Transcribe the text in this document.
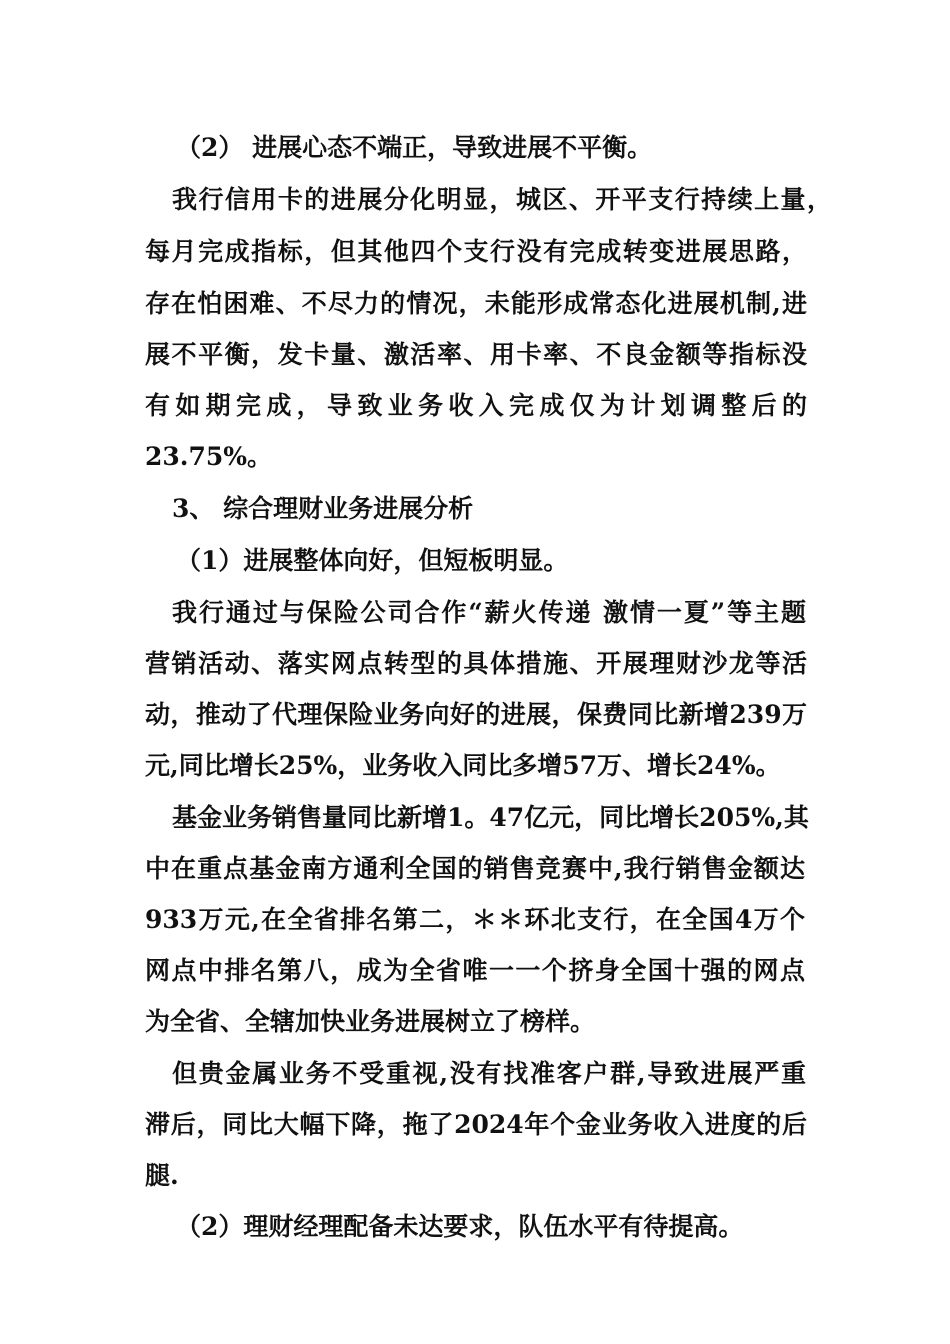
（2） 进展心态不端正，导致进展不平衡。
我行信用卡的进展分化明显，城区、开平支行持续上量，
每月完成指标，但其他四个支行没有完成转变进展思路，
存在怕困难、不尽力的情况，未能形成常态化进展机制,进
展不平衡，发卡量、激活率、用卡率、不良金额等指标没
有如期完成，导致业务收入完成仅为计划调整后的
23.75%。
3、 综合理财业务进展分析
（1）进展整体向好，但短板明显。
我行通过与保险公司合作“薪火传递 激情一夏”等主题
营销活动、落实网点转型的具体措施、开展理财沙龙等活
动，推动了代理保险业务向好的进展，保费同比新增239万
元,同比增长25%，业务收入同比多增57万、增长24%。
基金业务销售量同比新增1。47亿元，同比增长205%,其
中在重点基金南方通利全国的销售竞赛中,我行销售金额达
933万元,在全省排名第二，＊＊环北支行，在全国4万个
网点中排名第八，成为全省唯一一个挤身全国十强的网点
为全省、全辖加快业务进展树立了榜样。
但贵金属业务不受重视,没有找准客户群,导致进展严重
滞后，同比大幅下降，拖了2024年个金业务收入进度的后
腿.
（2）理财经理配备未达要求，队伍水平有待提高。
